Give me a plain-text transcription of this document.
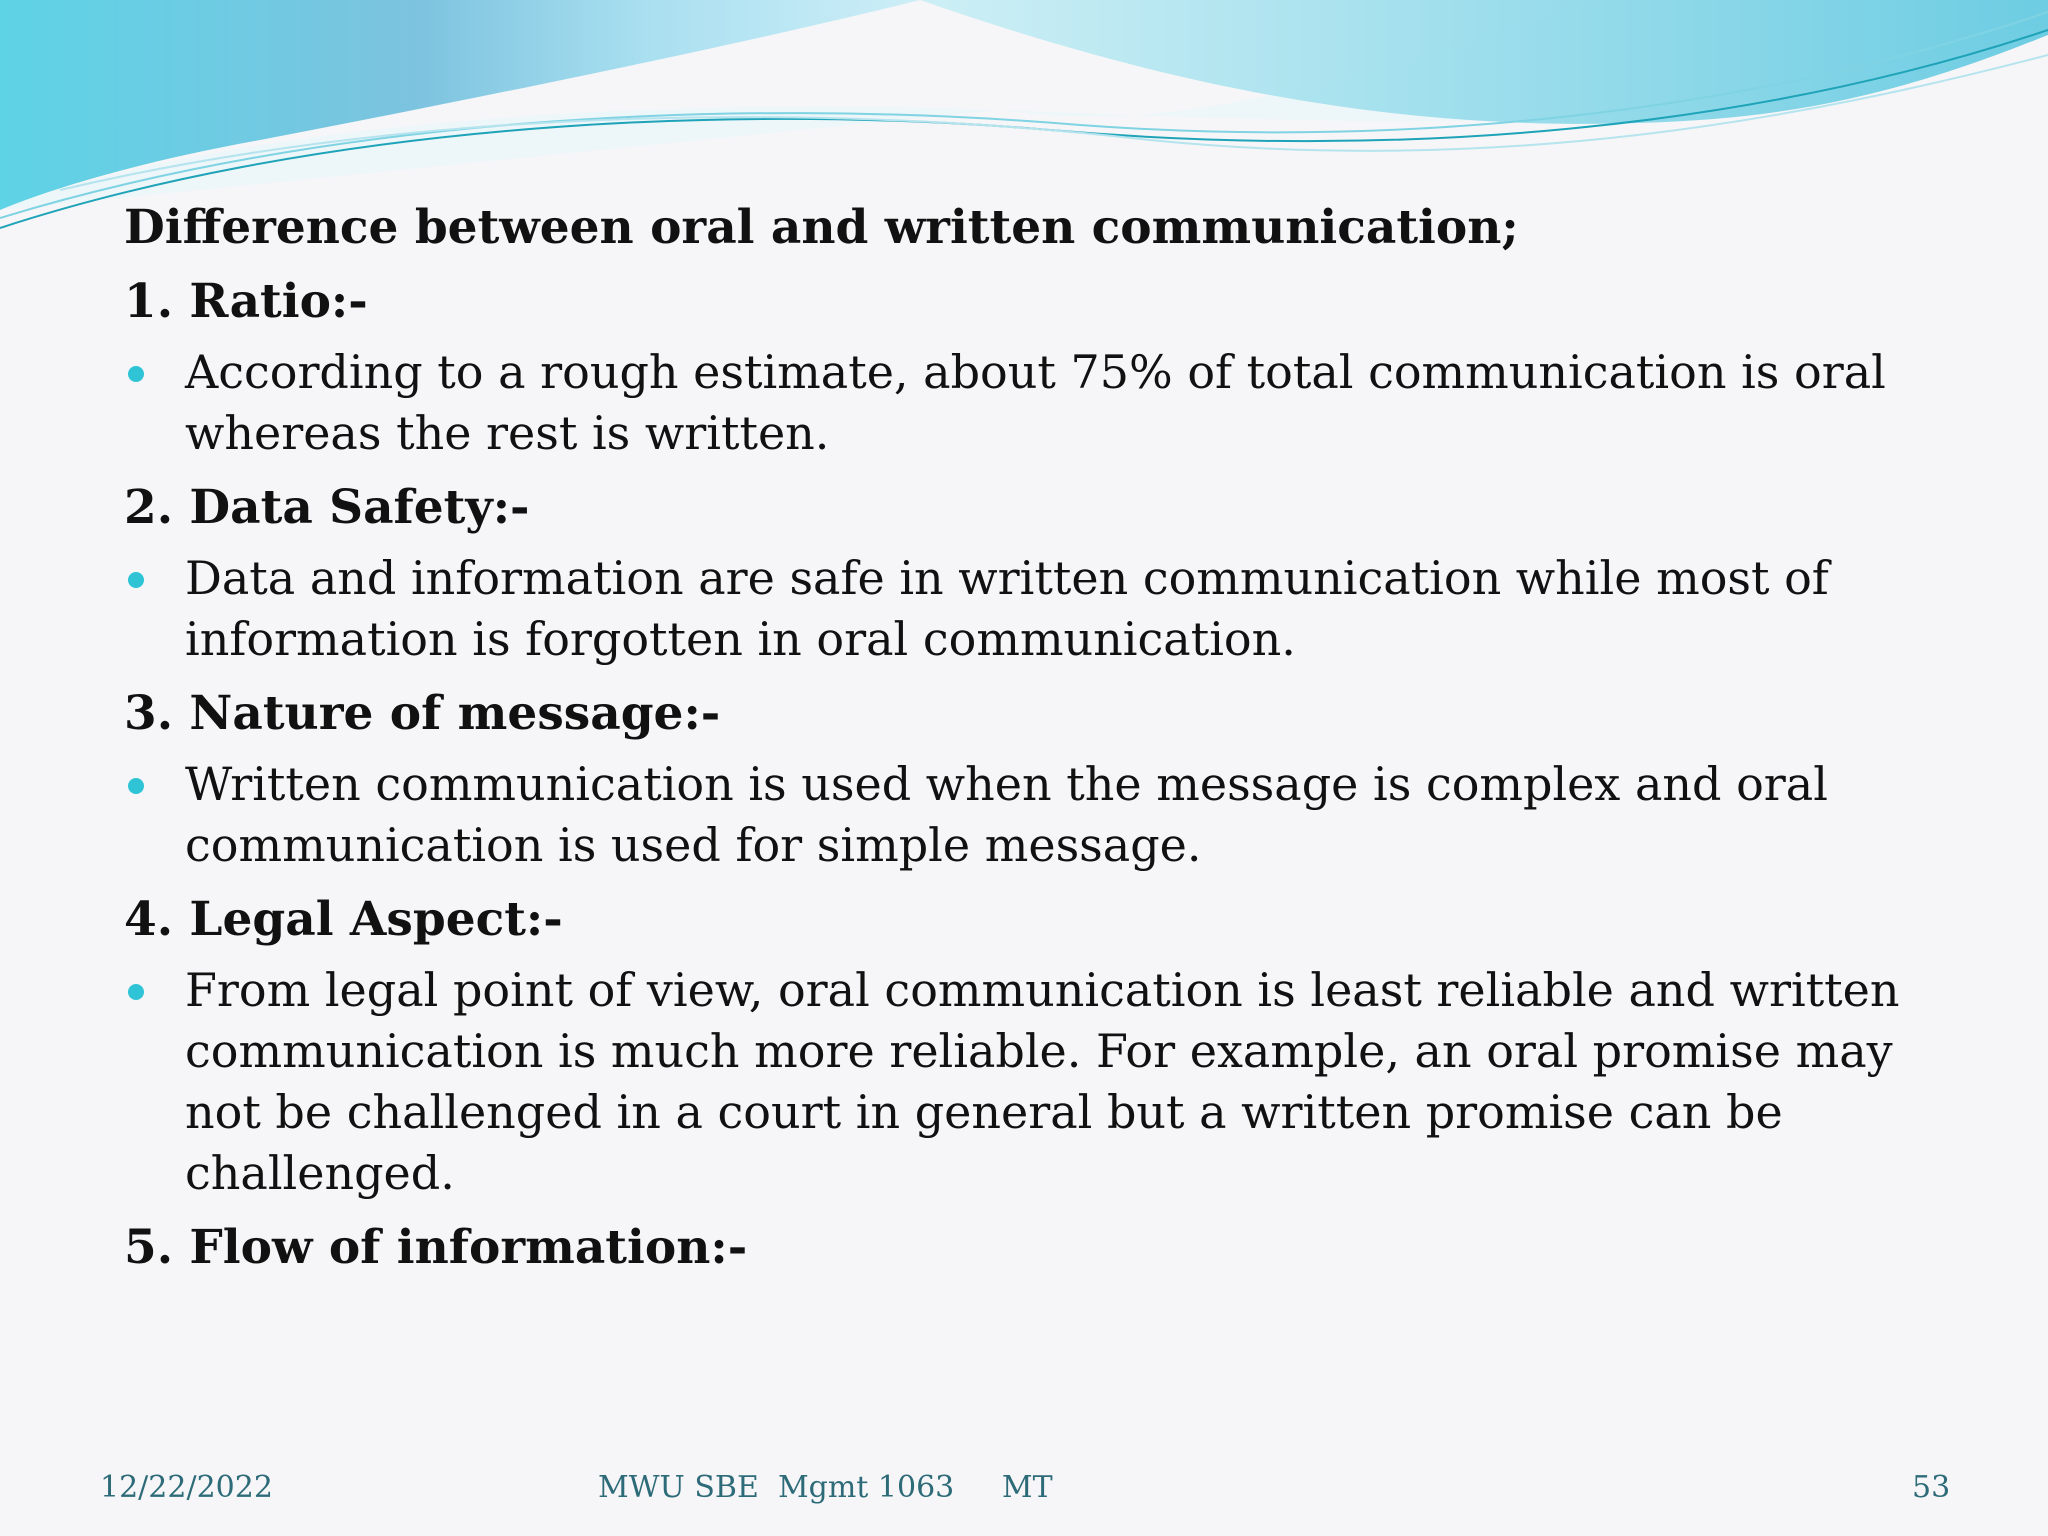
Difference between oral and written communication;
1. Ratio:-
According to a rough estimate, about 75% of total communication is oral whereas the rest is written.
2. Data Safety:-
Data and information are safe in written communication while most of information is forgotten in oral communication.
3. Nature of message:-
Written communication is used when the message is complex and oral communication is used for simple message.
4. Legal Aspect:-
From legal point of view, oral communication is least reliable and written communication is much more reliable. For example, an oral promise may not be challenged in a court in general but a written promise can be challenged.
5. Flow of information:-
12/22/2022	MWU SBE  Mgmt 1063     MT	53
